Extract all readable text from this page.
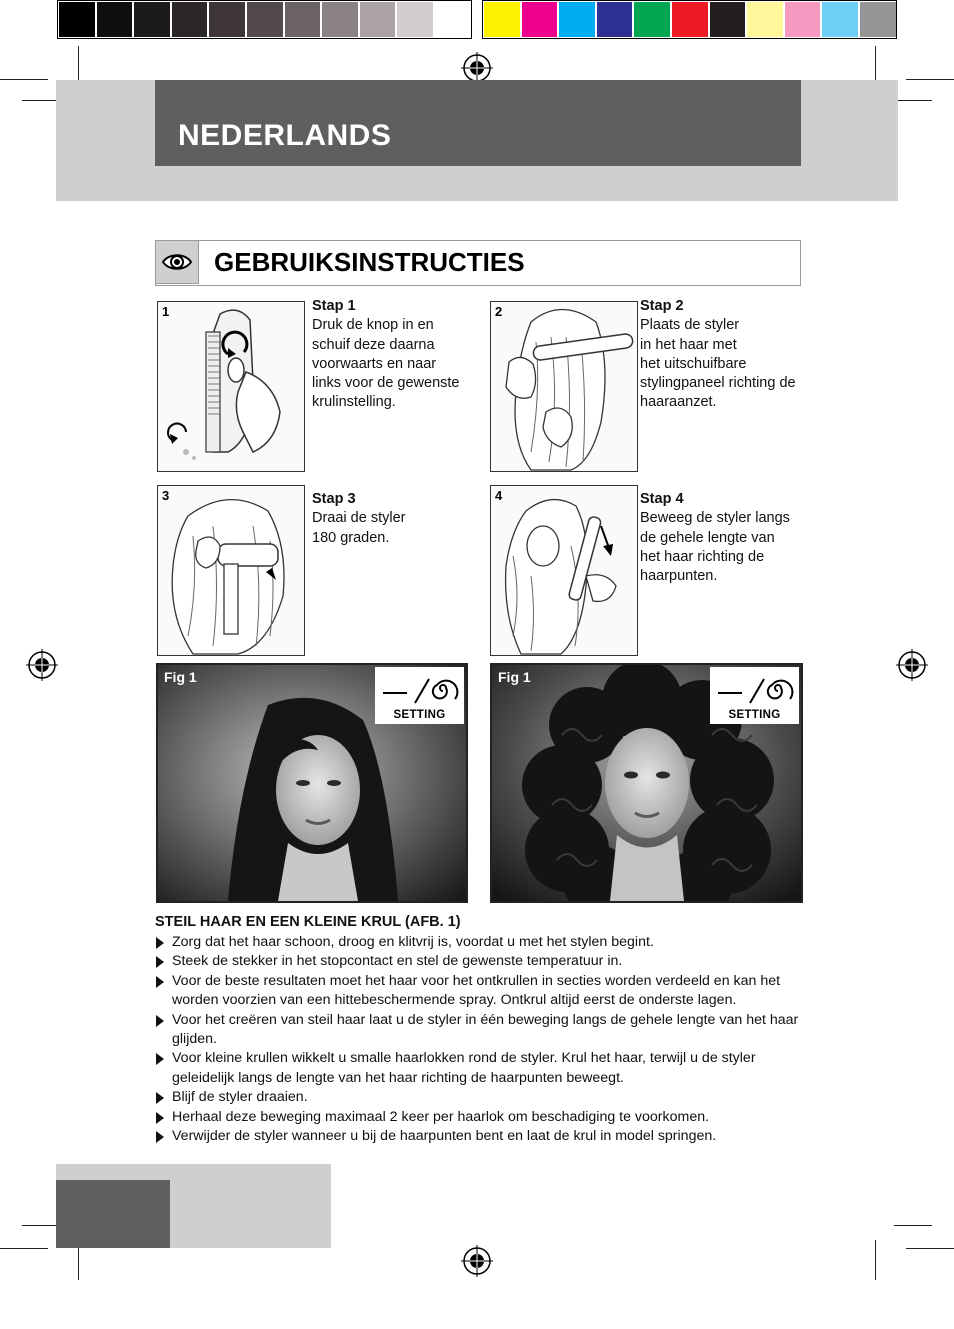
NEDERLANDS
GEBRUIKSINSTRUCTIES
1	Stap 1
Druk de knop in en
schuif deze daarna
voorwaarts en naar
links voor de gewenste
krulinstelling.
2	Stap 2
Plaats de styler
in het haar met
het uitschuifbare
stylingpaneel richting de
haaraanzet.
3	Stap 3
Draai de styler
180 graden.
4	Stap 4
Beweeg de styler langs
de gehele lengte van
het haar richting de
haarpunten.
Fig 1
SETTING
Fig 1
SETTING
STEIL HAAR EN EEN KLEINE KRUL (AFB. 1)
Zorg dat het haar schoon, droog en klitvrij is, voordat u met het stylen begint.
Steek de stekker in het stopcontact en stel de gewenste temperatuur in.
Voor de beste resultaten moet het haar voor het ontkrullen in secties worden verdeeld en kan het worden voorzien van een hittebeschermende spray. Ontkrul altijd eerst de onderste lagen.
Voor het creëren van steil haar laat u de styler in één beweging langs de gehele lengte van het haar glijden.
Voor kleine krullen wikkelt u smalle haarlokken rond de styler. Krul het haar, terwijl u de styler geleidelijk langs de lengte van het haar richting de haarpunten beweegt.
Blijf de styler draaien.
Herhaal deze beweging maximaal 2 keer per haarlok om beschadiging te voorkomen.
Verwijder de styler wanneer u bij de haarpunten bent en laat de krul in model springen.
